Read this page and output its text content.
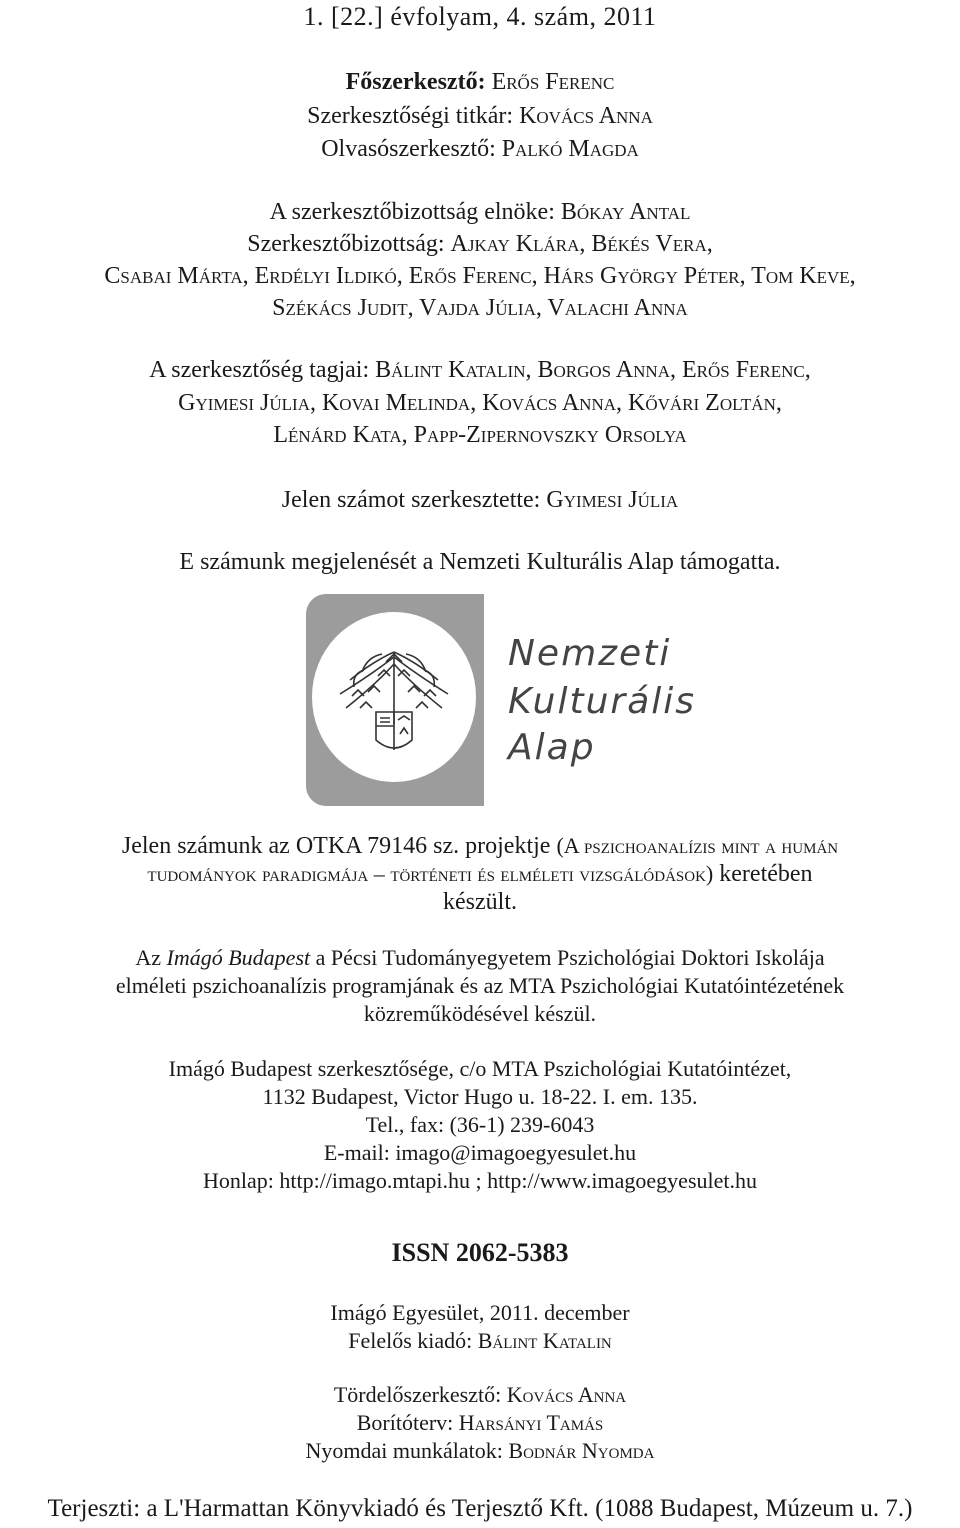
1. [22.] évfolyam, 4. szám, 2011
Főszerkesztő: Erős Ferenc
Szerkesztőségi titkár: Kovács Anna
Olvasószerkesztő: Palkó Magda
A szerkesztőbizottság elnöke: Bókay Antal
Szerkesztőbizottság: Ajkay Klára, Békés Vera,
Csabai Márta, Erdélyi Ildikó, Erős Ferenc, Hárs György Péter, Tom Keve,
Székács Judit, Vajda Júlia, Valachi Anna
A szerkesztőség tagjai: Bálint Katalin, Borgos Anna, Erős Ferenc,
Gyimesi Júlia, Kovai Melinda, Kovács Anna, Kővári Zoltán,
Lénárd Kata, Papp-Zipernovszky Orsolya
Jelen számot szerkesztette: Gyimesi Júlia
E számunk megjelenését a Nemzeti Kulturális Alap támogatta.
Nemzeti
Kulturális
Alap
Jelen számunk az OTKA 79146 sz. projektje (A pszichoanalízis mint a humán
tudományok paradigmája – történeti és elméleti vizsgálódások) keretében
készült.
Az Imágó Budapest a Pécsi Tudományegyetem Pszichológiai Doktori Iskolája
elméleti pszichoanalízis programjának és az MTA Pszichológiai Kutatóintézetének
közreműködésével készül.
Imágó Budapest szerkesztősége, c/o MTA Pszichológiai Kutatóintézet,
1132 Budapest, Victor Hugo u. 18-22. I. em. 135.
Tel., fax: (36-1) 239-6043
E-mail: imago@imagoegyesulet.hu
Honlap: http://imago.mtapi.hu ; http://www.imagoegyesulet.hu
ISSN 2062-5383
Imágó Egyesület, 2011. december
Felelős kiadó: Bálint Katalin
Tördelőszerkesztő: Kovács Anna
Borítóterv: Harsányi Tamás
Nyomdai munkálatok: Bodnár Nyomda
Terjeszti: a L'Harmattan Könyvkiadó és Terjesztő Kft. (1088 Budapest, Múzeum u. 7.)
